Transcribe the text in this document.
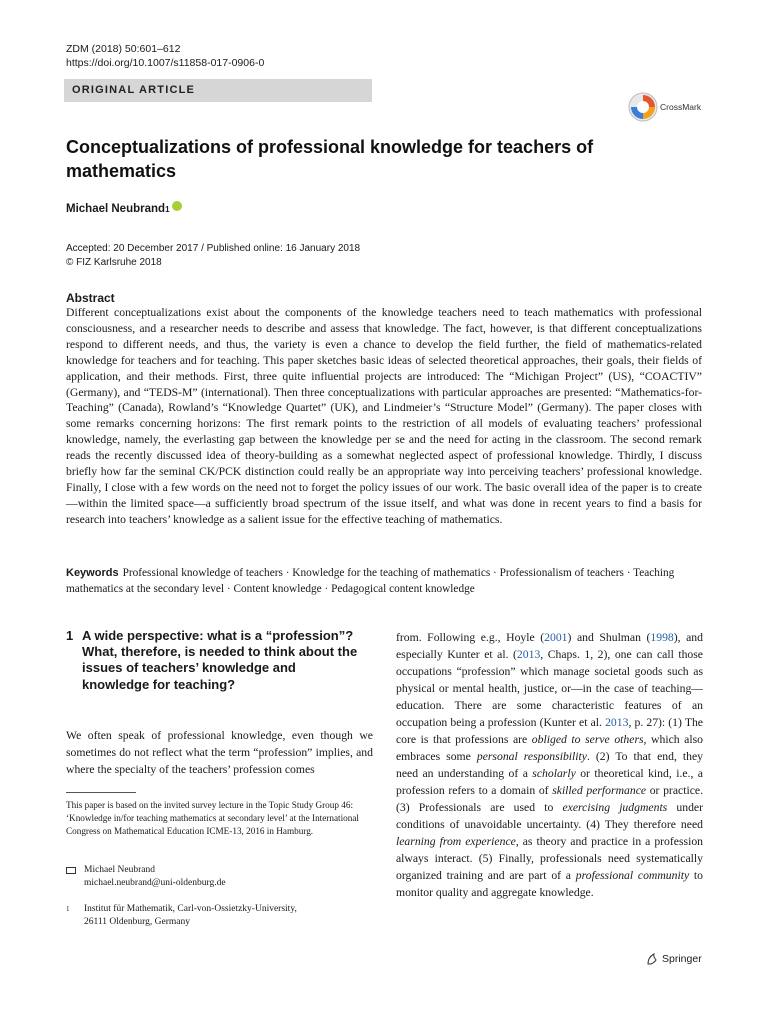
ZDM (2018) 50:601–612
https://doi.org/10.1007/s11858-017-0906-0
ORIGINAL ARTICLE
CrossMark
Conceptualizations of professional knowledge for teachers of mathematics
Michael Neubrand 1
Accepted: 20 December 2017 / Published online: 16 January 2018
© FIZ Karlsruhe 2018
Abstract
Different conceptualizations exist about the components of the knowledge teachers need to teach mathematics with professional consciousness, and a researcher needs to describe and assess that knowledge. The fact, however, is that different conceptualizations respond to different needs, and thus, the variety is even a chance to develop the field further, the field of mathematics-related knowledge for teachers and for teaching. This paper sketches basic ideas of selected theoretical approaches, their goals, their fields of application, and their methods. First, three quite influential projects are introduced: The “Michigan Project” (US), “COACTIV” (Germany), and “TEDS-M” (international). Then three conceptualizations with particular approaches are presented: “Mathematics-for-Teaching” (Canada), Rowland’s “Knowledge Quartet” (UK), and Lindmeier’s “Structure Model” (Germany). The paper closes with some remarks concerning horizons: The first remark points to the restriction of all models of evaluating teachers’ professional knowledge, namely, the everlasting gap between the knowledge per se and the need for acting in the classroom. The second remark reads the recently discussed idea of theory-building as a somewhat neglected aspect of professional knowledge. Thirdly, I discuss briefly how far the seminal CK/PCK distinction could really be an appropriate way into perceiving teachers’ professional knowledge. Finally, I close with a few words on the need not to forget the policy issues of our work. The basic overall idea of the paper is to create—within the limited space—a sufficiently broad spectrum of the issue itself, and what was done in recent years to find a basis for research into teachers’ knowledge as a salient issue for the effective teaching of mathematics.
Keywords Professional knowledge of teachers · Knowledge for the teaching of mathematics · Professionalism of teachers · Teaching mathematics at the secondary level · Content knowledge · Pedagogical content knowledge
1 A wide perspective: what is a “profession”? What, therefore, is needed to think about the issues of teachers’ knowledge and knowledge for teaching?
We often speak of professional knowledge, even though we sometimes do not reflect what the term “profession” implies, and where the specialty of the teachers’ profession comes
This paper is based on the invited survey lecture in the Topic Study Group 46: ‘Knowledge in/for teaching mathematics at secondary level’ at the International Congress on Mathematical Education ICME-13, 2016 in Hamburg.
Michael Neubrand
michael.neubrand@uni-oldenburg.de
1	Institut für Mathematik, Carl-von-Ossietzky-University,
26111 Oldenburg, Germany
from. Following e.g., Hoyle (2001) and Shulman (1998), and especially Kunter et al. (2013, Chaps. 1, 2), one can call those occupations “profession” which manage societal goods such as physical or mental health, justice, or—in the case of teaching—education. There are some characteristic features of an occupation being a profession (Kunter et al. 2013, p. 27): (1) The core is that professions are obliged to serve others, which also embraces some personal responsibility. (2) To that end, they need an understanding of a scholarly or theoretical kind, i.e., a profession refers to a domain of skilled performance or practice. (3) Professionals are used to exercising judgments under conditions of unavoidable uncertainty. (4) They therefore need learning from experience, as theory and practice in a profession always interact. (5) Finally, professionals need systematically organized training and are part of a professional community to monitor quality and aggregate knowledge.
Springer
